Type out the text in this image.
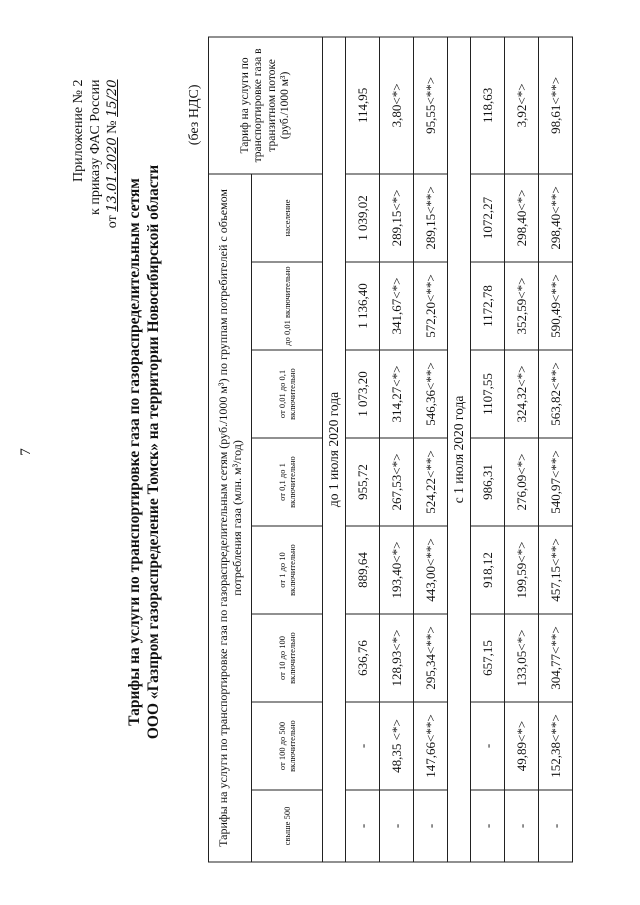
7
Приложение № 2 к приказу ФАС России
от 13.01.2020 № 15/20
Тарифы на услуги по транспортировке газа по газораспределительным сетям ООО «Газпром газораспределение Томск» на территории Новосибирской области
(без НДС)
Тарифы на услуги по транспортировке газа по газораспределительным сетям (руб./1000 м³) по группам потребителей с объемом потребления газа (млн. м³/год)								Тариф на услуги по транспортировке газа в транзитном потоке (руб./1000 м³)
свыше 500	от 100 до 500 включительно	от 10 до 100 включительно	от 1 до 10 включительно	от 0,1 до 1 включительно	от 0,01 до 0,1 включительно	до 0,01 включительно	население	
до 1 июля 2020 года								
-	-	636,76	889,64	955,72	1 073,20	1 136,40	1 039,02	114,95
-	48,35 <*>	128,93<*>	193,40<*>	267,53<*>	314,27<*>	341,67<*>	289,15<*>	3,80<*>
-	147,66<**>	295,34<**>	443,00<**>	524,22<**>	546,36<**>	572,20<**>	289,15<**>	95,55<**>
с 1 июля 2020 года								
-	-	657,15	918,12	986,31	1107,55	1172,78	1072,27	118,63
-	49,89<*>	133,05<*>	199,59<*>	276,09<*>	324,32<*>	352,59<*>	298,40<*>	3,92<*>
-	152,38<**>	304,77<**>	457,15<**>	540,97<**>	563,82<**>	590,49<**>	298,40<**>	98,61<**>
